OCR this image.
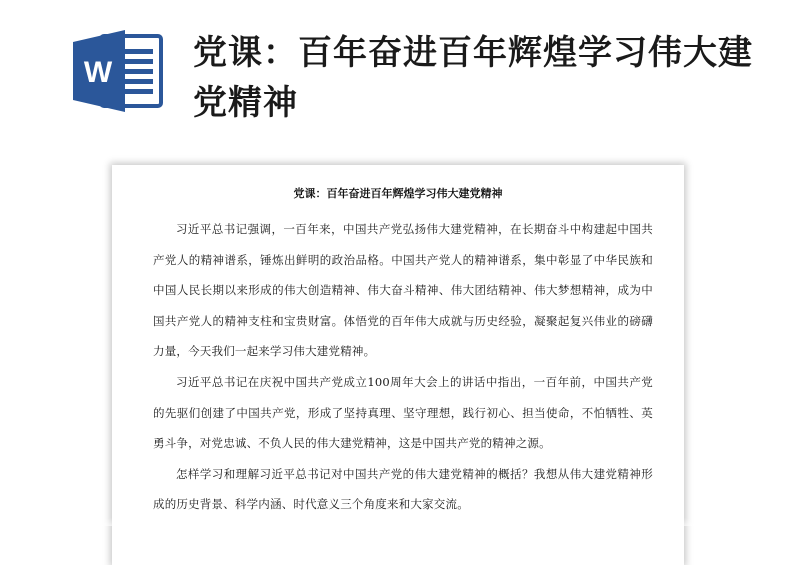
W 党课：百年奋进百年辉煌学习伟大建党精神
党课：百年奋进百年辉煌学习伟大建党精神

习近平总书记强调，一百年来，中国共产党弘扬伟大建党精神，在长期奋斗中构建起中国共产党人的精神谱系，锤炼出鲜明的政治品格。中国共产党人的精神谱系，集中彰显了中华民族和中国人民长期以来形成的伟大创造精神、伟大奋斗精神、伟大团结精神、伟大梦想精神，成为中国共产党人的精神支柱和宝贵财富。体悟党的百年伟大成就与历史经验，凝聚起复兴伟业的磅礴力量，今天我们一起来学习伟大建党精神。

习近平总书记在庆祝中国共产党成立100周年大会上的讲话中指出，一百年前，中国共产党的先驱们创建了中国共产党，形成了坚持真理、坚守理想，践行初心、担当使命，不怕牺牲、英勇斗争，对党忠诚、不负人民的伟大建党精神，这是中国共产党的精神之源。

怎样学习和理解习近平总书记对中国共产党的伟大建党精神的概括？我想从伟大建党精神形成的历史背景、科学内涵、时代意义三个角度来和大家交流。
